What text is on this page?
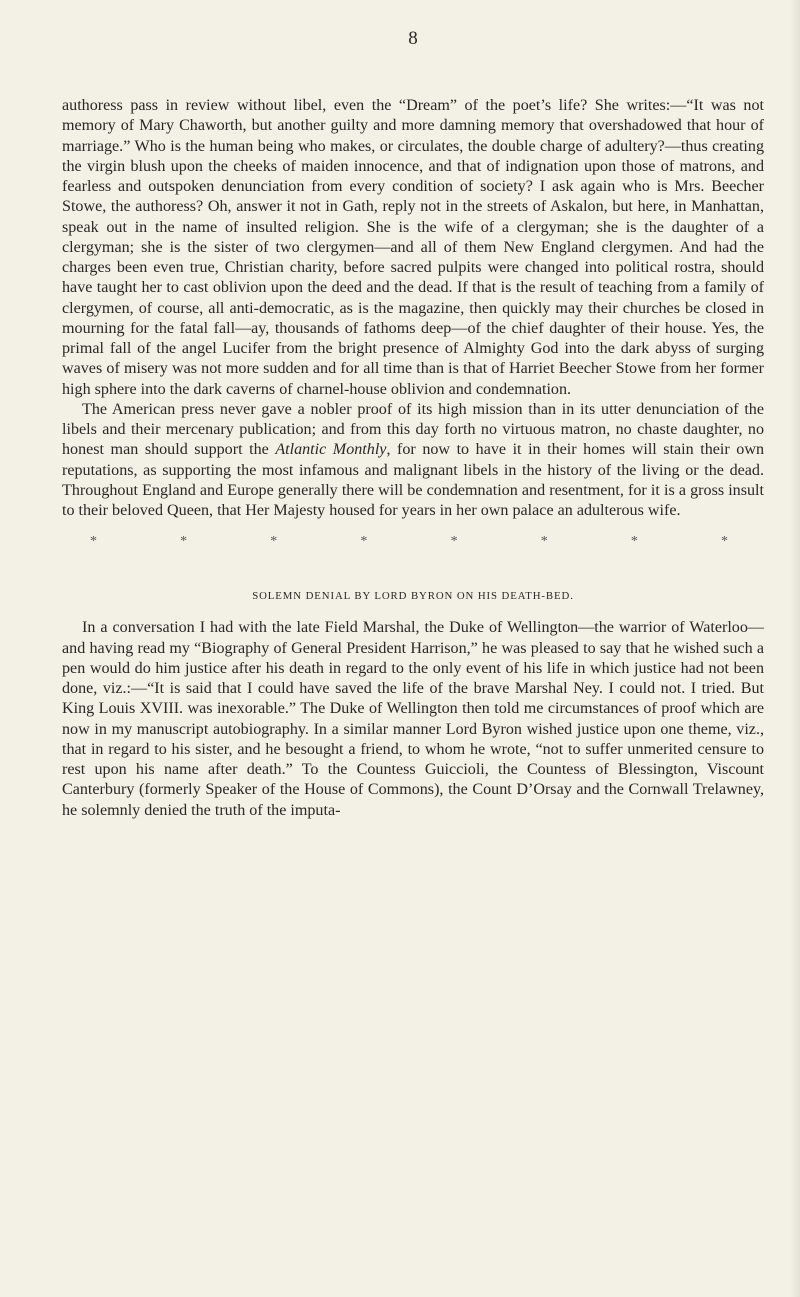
8

authoress pass in review without libel, even the “Dream” of the poet’s life? She writes:—“It was not memory of Mary Chaworth, but another guilty and more damning memory that overshadowed that hour of marriage.” Who is the human being who makes, or circulates, the double charge of adultery?—thus creating the virgin blush upon the cheeks of maiden innocence, and that of indignation upon those of matrons, and fearless and outspoken denunciation from every condition of society? I ask again who is Mrs. Beecher Stowe, the authoress? Oh, answer it not in Gath, reply not in the streets of Askalon, but here, in Manhattan, speak out in the name of insulted religion. She is the wife of a clergyman; she is the daughter of a clergyman; she is the sister of two clergymen—and all of them New England clergymen. And had the charges been even true, Christian charity, before sacred pulpits were changed into political rostra, should have taught her to cast oblivion upon the deed and the dead. If that is the result of teaching from a family of clergymen, of course, all anti-democratic, as is the magazine, then quickly may their churches be closed in mourning for the fatal fall—ay, thousands of fathoms deep—of the chief daughter of their house. Yes, the primal fall of the angel Lucifer from the bright presence of Almighty God into the dark abyss of surging waves of misery was not more sudden and for all time than is that of Harriet Beecher Stowe from her former high sphere into the dark caverns of charnel-house oblivion and condemnation.

The American press never gave a nobler proof of its high mission than in its utter denunciation of the libels and their mercenary publication; and from this day forth no virtuous matron, no chaste daughter, no honest man should support the Atlantic Monthly, for now to have it in their homes will stain their own reputations, as supporting the most infamous and malignant libels in the history of the living or the dead. Throughout England and Europe generally there will be condemnation and resentment, for it is a gross insult to their beloved Queen, that Her Majesty housed for years in her own palace an adulterous wife.

*	*	*	*	*	*	*	*
SOLEMN DENIAL BY LORD BYRON ON HIS DEATH-BED.

In a conversation I had with the late Field Marshal, the Duke of Wellington—the warrior of Waterloo—and having read my “Biography of General President Harrison,” he was pleased to say that he wished such a pen would do him justice after his death in regard to the only event of his life in which justice had not been done, viz.:—“It is said that I could have saved the life of the brave Marshal Ney. I could not. I tried. But King Louis XVIII. was inexorable.” The Duke of Wellington then told me circumstances of proof which are now in my manuscript autobiography. In a similar manner Lord Byron wished justice upon one theme, viz., that in regard to his sister, and he besought a friend, to whom he wrote, “not to suffer unmerited censure to rest upon his name after death.” To the Countess Guiccioli, the Countess of Blessington, Viscount Canterbury (formerly Speaker of the House of Commons), the Count D’Orsay and the Cornwall Trelawney, he solemnly denied the truth of the imputa-
